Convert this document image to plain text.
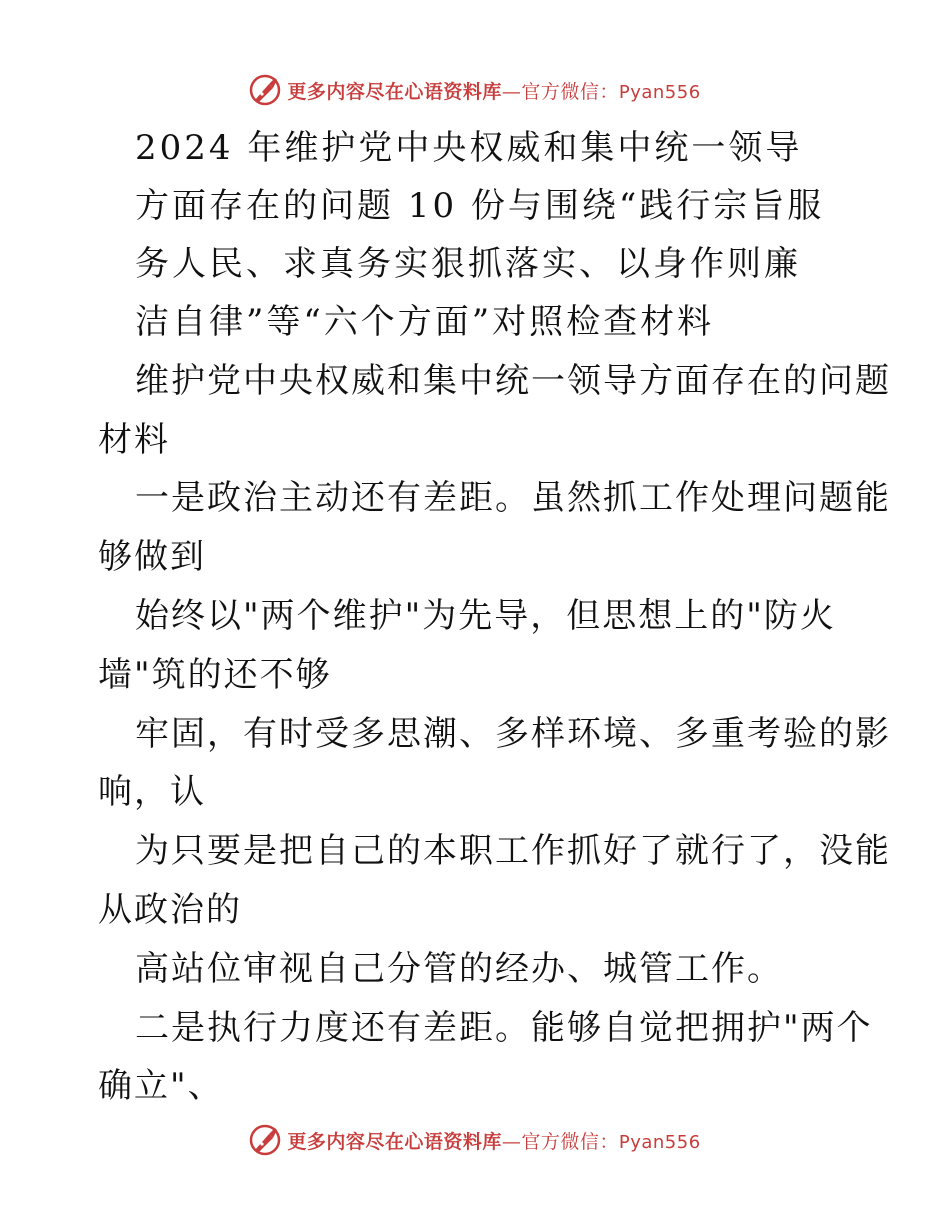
更多内容尽在心语资料库—官方微信：Pyan556
2024 年维护党中央权威和集中统一领导
方面存在的问题 10 份与围绕“践行宗旨服
务人民、求真务实狠抓落实、以身作则廉
洁自律”等“六个方面”对照检查材料
维护党中央权威和集中统一领导方面存在的问题
材料
一是政治主动还有差距。虽然抓工作处理问题能
够做到
始终以"两个维护"为先导，但思想上的"防火
墙"筑的还不够
牢固，有时受多思潮、多样环境、多重考验的影
响，认
为只要是把自己的本职工作抓好了就行了，没能
从政治的
高站位审视自己分管的经办、城管工作。
二是执行力度还有差距。能够自觉把拥护"两个
确立"、
更多内容尽在心语资料库—官方微信：Pyan556
